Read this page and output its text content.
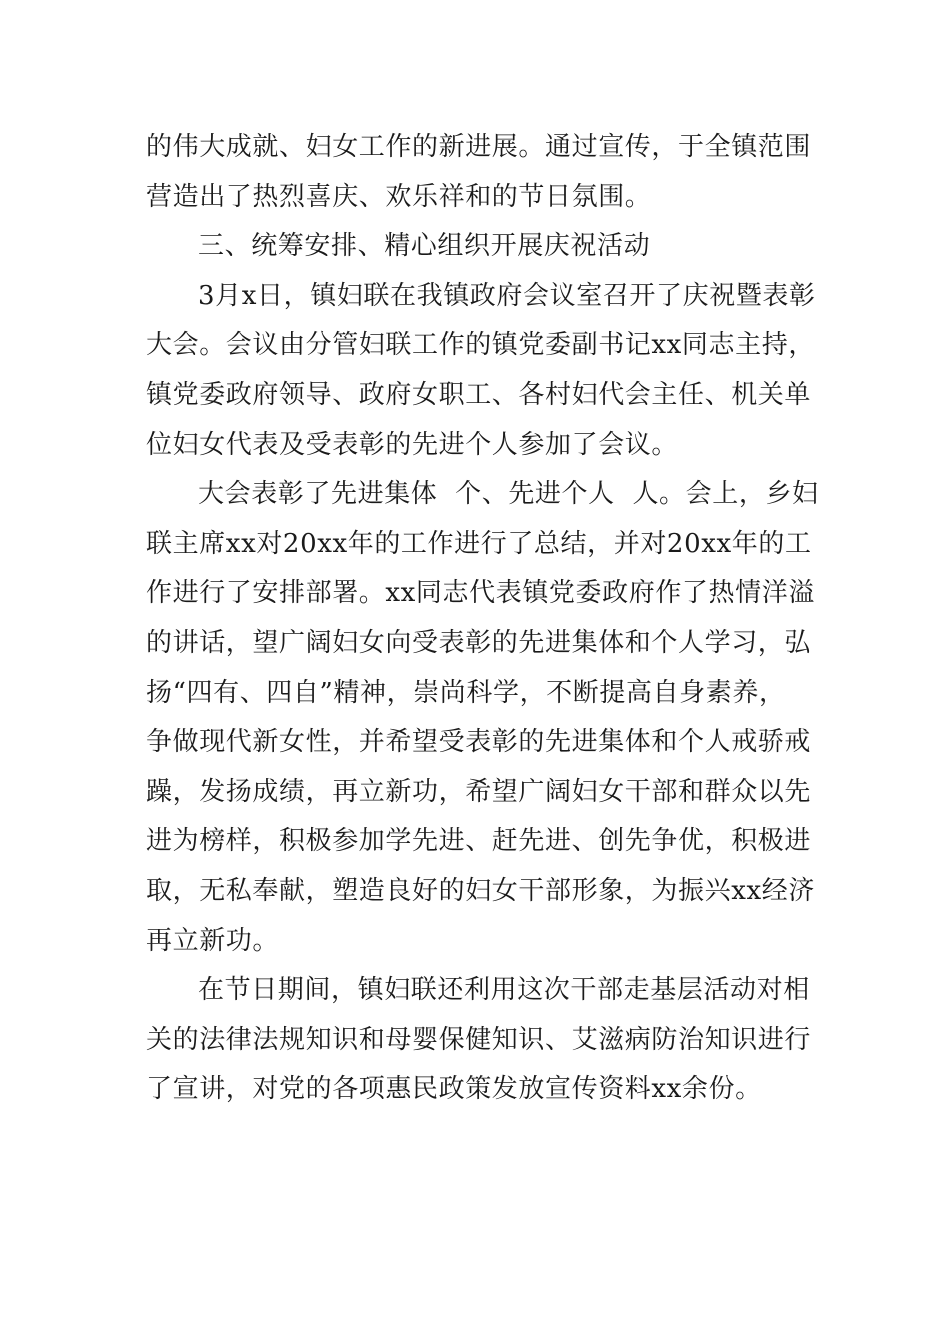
的伟大成就、妇女工作的新进展。通过宣传，于全镇范围
营造出了热烈喜庆、欢乐祥和的节日氛围。
三、统筹安排、精心组织开展庆祝活动
3月x日，镇妇联在我镇政府会议室召开了庆祝暨表彰
大会。会议由分管妇联工作的镇党委副书记xx同志主持，
镇党委政府领导、政府女职工、各村妇代会主任、机关单
位妇女代表及受表彰的先进个人参加了会议。
大会表彰了先进集体  个、先进个人  人。会上，乡妇
联主席xx对20xx年的工作进行了总结，并对20xx年的工
作进行了安排部署。xx同志代表镇党委政府作了热情洋溢
的讲话，望广阔妇女向受表彰的先进集体和个人学习，弘
扬“四有、四自”精神，崇尚科学，不断提高自身素养，
争做现代新女性，并希望受表彰的先进集体和个人戒骄戒
躁，发扬成绩，再立新功，希望广阔妇女干部和群众以先
进为榜样，积极参加学先进、赶先进、创先争优，积极进
取，无私奉献，塑造良好的妇女干部形象，为振兴xx经济
再立新功。
在节日期间，镇妇联还利用这次干部走基层活动对相
关的法律法规知识和母婴保健知识、艾滋病防治知识进行
了宣讲，对党的各项惠民政策发放宣传资料xx余份。
